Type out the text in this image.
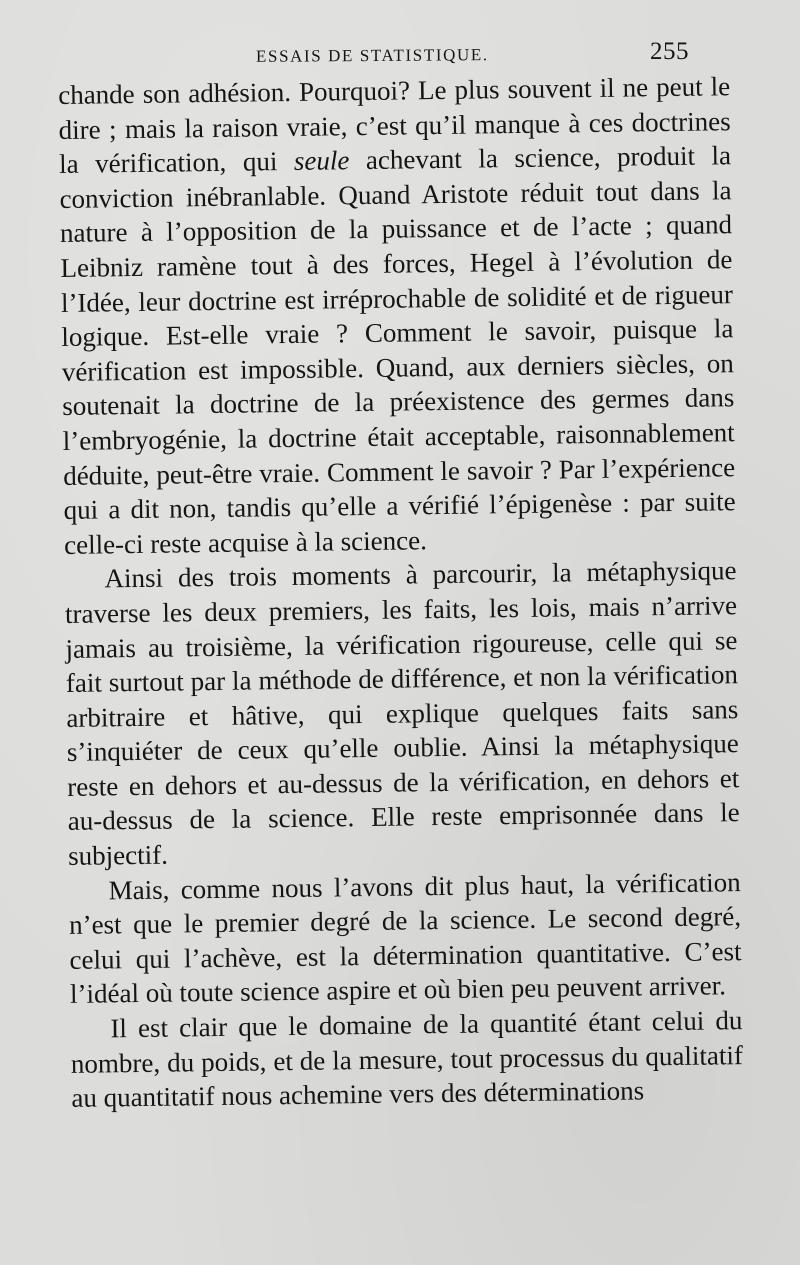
ESSAIS DE STATISTIQUE.	255

chande son adhésion. Pourquoi? Le plus souvent il ne peut le dire ; mais la raison vraie, c’est qu’il manque à ces doctrines la vérification, qui seule achevant la science, produit la conviction inébranlable. Quand Aristote réduit tout dans la nature à l’opposition de la puissance et de l’acte ; quand Leibniz ramène tout à des forces, Hegel à l’évolution de l’Idée, leur doctrine est irréprochable de solidité et de rigueur logique. Est-elle vraie ? Comment le savoir, puisque la vérification est impossible. Quand, aux derniers siècles, on soutenait la doctrine de la préexistence des germes dans l’embryogénie, la doctrine était acceptable, raisonnablement déduite, peut-être vraie. Comment le savoir ? Par l’expérience qui a dit non, tandis qu’elle a vérifié l’épigenèse : par suite celle-ci reste acquise à la science.

Ainsi des trois moments à parcourir, la métaphysique traverse les deux premiers, les faits, les lois, mais n’arrive jamais au troisième, la vérification rigoureuse, celle qui se fait surtout par la méthode de différence, et non la vérification arbitraire et hâtive, qui explique quelques faits sans s’inquiéter de ceux qu’elle oublie. Ainsi la métaphysique reste en dehors et au-dessus de la vérification, en dehors et au-dessus de la science. Elle reste emprisonnée dans le subjectif.

Mais, comme nous l’avons dit plus haut, la vérification n’est que le premier degré de la science. Le second degré, celui qui l’achève, est la détermination quantitative. C’est l’idéal où toute science aspire et où bien peu peuvent arriver.

Il est clair que le domaine de la quantité étant celui du nombre, du poids, et de la mesure, tout processus du qualitatif au quantitatif nous achemine vers des déterminations
